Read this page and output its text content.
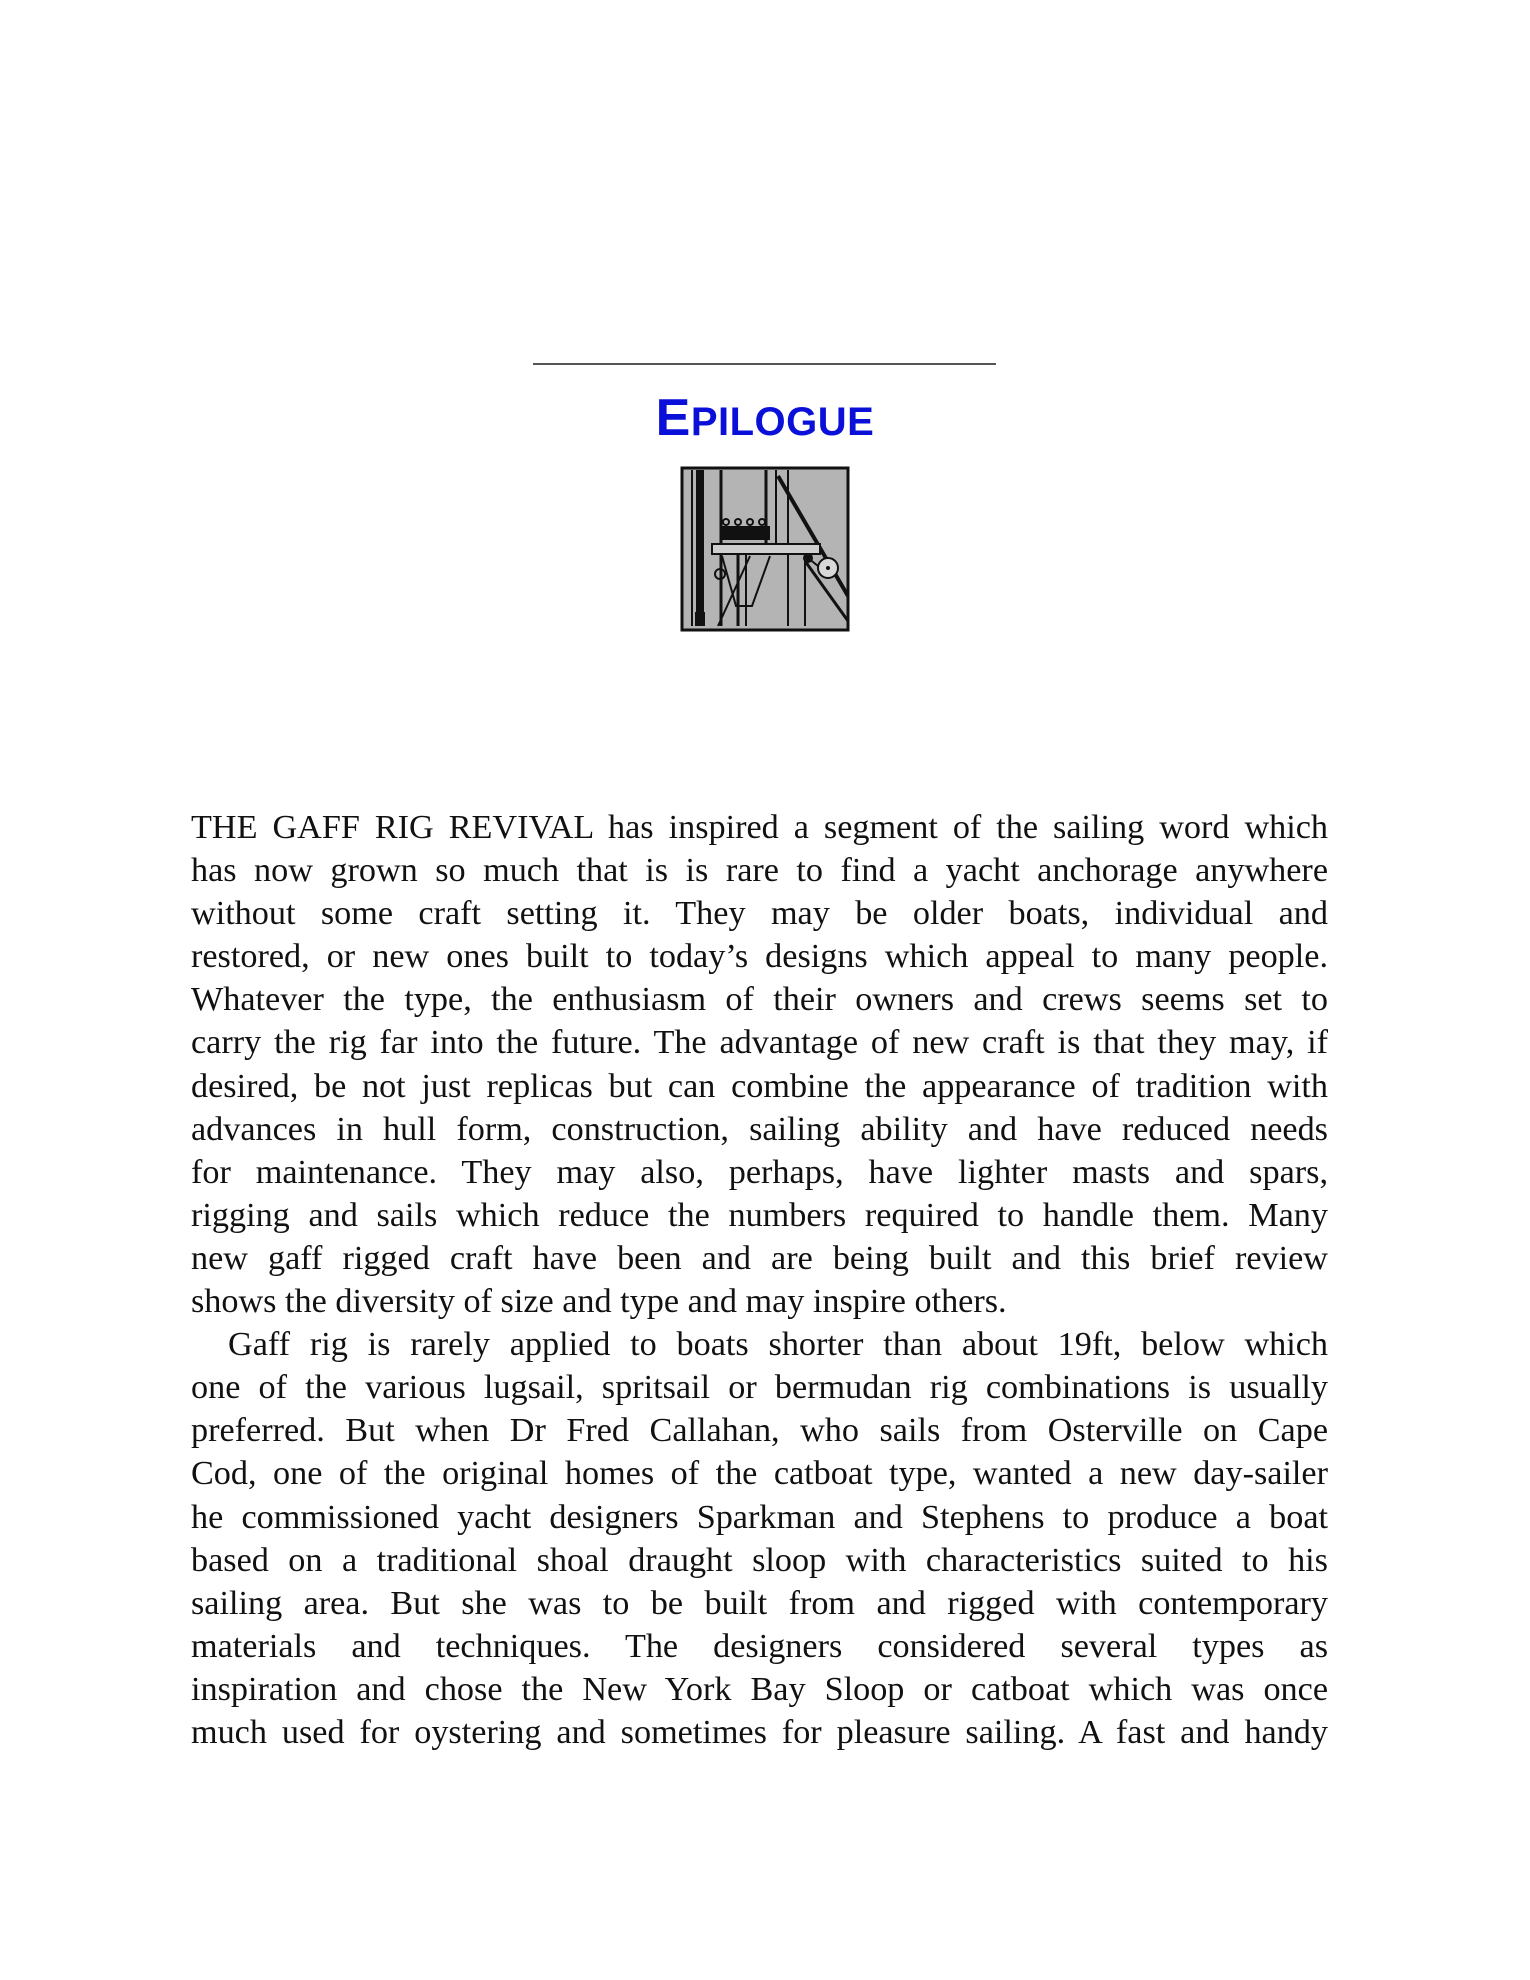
EPILOGUE
THE GAFF RIG REVIVAL has inspired a segment of the sailing word which
has now grown so much that is is rare to find a yacht anchorage anywhere
without some craft setting it. They may be older boats, individual and
restored, or new ones built to today’s designs which appeal to many people.
Whatever the type, the enthusiasm of their owners and crews seems set to
carry the rig far into the future. The advantage of new craft is that they may, if
desired, be not just replicas but can combine the appearance of tradition with
advances in hull form, construction, sailing ability and have reduced needs
for maintenance. They may also, perhaps, have lighter masts and spars,
rigging and sails which reduce the numbers required to handle them. Many
new gaff rigged craft have been and are being built and this brief review
shows the diversity of size and type and may inspire others.
Gaff rig is rarely applied to boats shorter than about 19ft, below which
one of the various lugsail, spritsail or bermudan rig combinations is usually
preferred. But when Dr Fred Callahan, who sails from Osterville on Cape
Cod, one of the original homes of the catboat type, wanted a new day-sailer
he commissioned yacht designers Sparkman and Stephens to produce a boat
based on a traditional shoal draught sloop with characteristics suited to his
sailing area. But she was to be built from and rigged with contemporary
materials and techniques. The designers considered several types as
inspiration and chose the New York Bay Sloop or catboat which was once
much used for oystering and sometimes for pleasure sailing. A fast and handy
